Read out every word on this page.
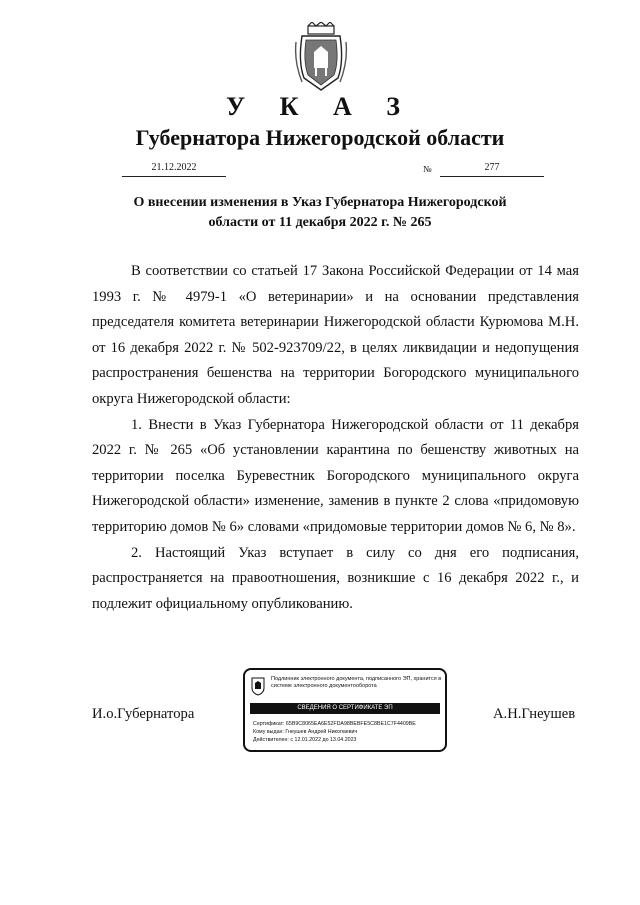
У К А З
Губернатора Нижегородской области
21.12.2022	№	277
О внесении изменения в Указ Губернатора Нижегородской
области от 11 декабря 2022 г. № 265

В соответствии со статьей 17 Закона Российской Федерации от 14 мая 1993 г. № 4979-1 «О ветеринарии» и на основании представления председателя комитета ветеринарии Нижегородской области Курюмова М.Н. от 16 декабря 2022 г. № 502-923709/22, в целях ликвидации и недопущения распространения бешенства на территории Богородского муниципального округа Нижегородской области:

1. Внести в Указ Губернатора Нижегородской области от 11 декабря 2022 г. № 265 «Об установлении карантина по бешенству животных на территории поселка Буревестник Богородского муниципального округа Нижегородской области» изменение, заменив в пункте 2 слова «придомовую территорию домов № 6» словами «придомовые территории домов № 6, № 8».

2. Настоящий Указ вступает в силу со дня его подписания, распространяется на правоотношения, возникшие с 16 декабря 2022 г., и подлежит официальному опубликованию.

И.о.Губернатора	А.Н.Гнеушев
Подлинник электронного документа, подписанного ЭП, хранится в системе электронного документооборота
СВЕДЕНИЯ О СЕРТИФИКАТЕ ЭП
Сертификат: 65B9C8065EA6E52FDA98BEBFE5C8BE1C7F4409BE
Кому выдан: Гнеушев Андрей Николаевич
Действителен: с 12.01.2022 до 13.04.2023
